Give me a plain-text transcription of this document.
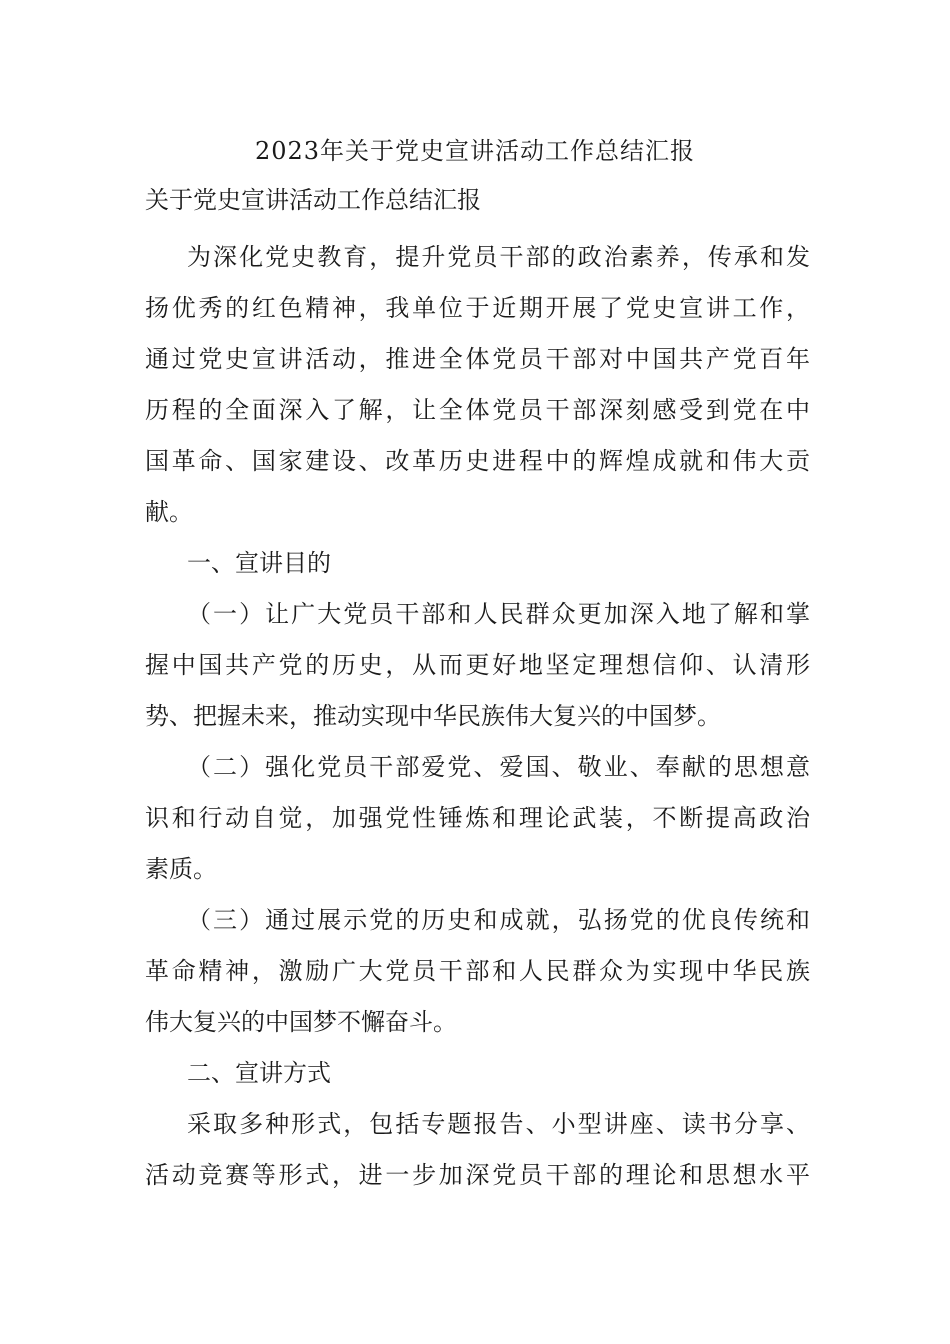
2023年关于党史宣讲活动工作总结汇报
关于党史宣讲活动工作总结汇报
为深化党史教育，提升党员干部的政治素养，传承和发
扬优秀的红色精神，我单位于近期开展了党史宣讲工作，
通过党史宣讲活动，推进全体党员干部对中国共产党百年
历程的全面深入了解，让全体党员干部深刻感受到党在中
国革命、国家建设、改革历史进程中的辉煌成就和伟大贡
献。
一、宣讲目的
（一）让广大党员干部和人民群众更加深入地了解和掌
握中国共产党的历史，从而更好地坚定理想信仰、认清形
势、把握未来，推动实现中华民族伟大复兴的中国梦。
（二）强化党员干部爱党、爱国、敬业、奉献的思想意
识和行动自觉，加强党性锤炼和理论武装，不断提高政治
素质。
（三）通过展示党的历史和成就，弘扬党的优良传统和
革命精神，激励广大党员干部和人民群众为实现中华民族
伟大复兴的中国梦不懈奋斗。
二、宣讲方式
采取多种形式，包括专题报告、小型讲座、读书分享、
活动竞赛等形式，进一步加深党员干部的理论和思想水平
